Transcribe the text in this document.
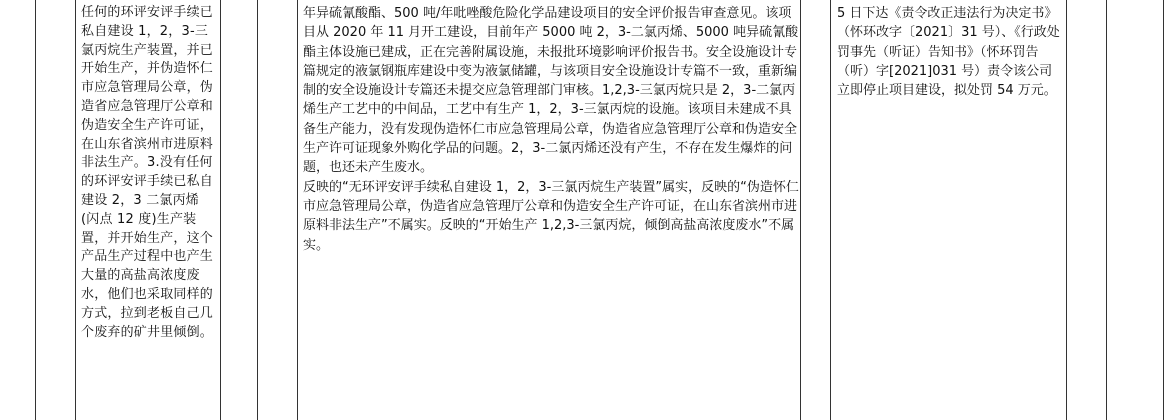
任何的环评安评手续已私自建设 1，2，3-三氯丙烷生产装置，并已开始生产，并伪造怀仁市应急管理局公章，伪造省应急管理厅公章和伪造安全生产许可证，在山东省滨州市进原料非法生产。3.没有任何的环评安评手续已私自建设 2，3 二氯丙烯(闪点 12 度)生产装置，并开始生产，这个产品生产过程中也产生大量的高盐高浓度废水，他们也采取同样的方式，拉到老板自己几个废弃的矿井里倾倒。

年异硫氰酸酯、500 吨/年吡唑酸危险化学品建设项目的安全评价报告审查意见。该项目从 2020 年 11 月开工建设，目前年产 5000 吨 2，3-二氯丙烯、5000 吨异硫氰酸酯主体设施已建成，正在完善附属设施，未报批环境影响评价报告书。安全设施设计专篇规定的液氯钢瓶库建设中变为液氯储罐，与该项目安全设施设计专篇不一致，重新编制的安全设施设计专篇还未提交应急管理部门审核。1,2,3-三氯丙烷只是 2，3-二氯丙烯生产工艺中的中间品，工艺中有生产 1，2，3-三氯丙烷的设施。该项目未建成不具备生产能力，没有发现伪造怀仁市应急管理局公章，伪造省应急管理厅公章和伪造安全生产许可证现象外购化学品的问题。2，3-二氯丙烯还没有产生，不存在发生爆炸的问题，也还未产生废水。

反映的“无环评安评手续私自建设 1，2，3-三氯丙烷生产装置”属实，反映的“伪造怀仁市应急管理局公章，伪造省应急管理厅公章和伪造安全生产许可证，在山东省滨州市进原料非法生产”不属实。反映的“开始生产 1,2,3-三氯丙烷，倾倒高盐高浓度废水”不属实。

5 日下达《责令改正违法行为决定书》（怀环改字〔2021〕31 号）、《行政处罚事先（听证）告知书》（怀环罚告（听）字[2021]031 号）责令该公司立即停止项目建设，拟处罚 54 万元。
